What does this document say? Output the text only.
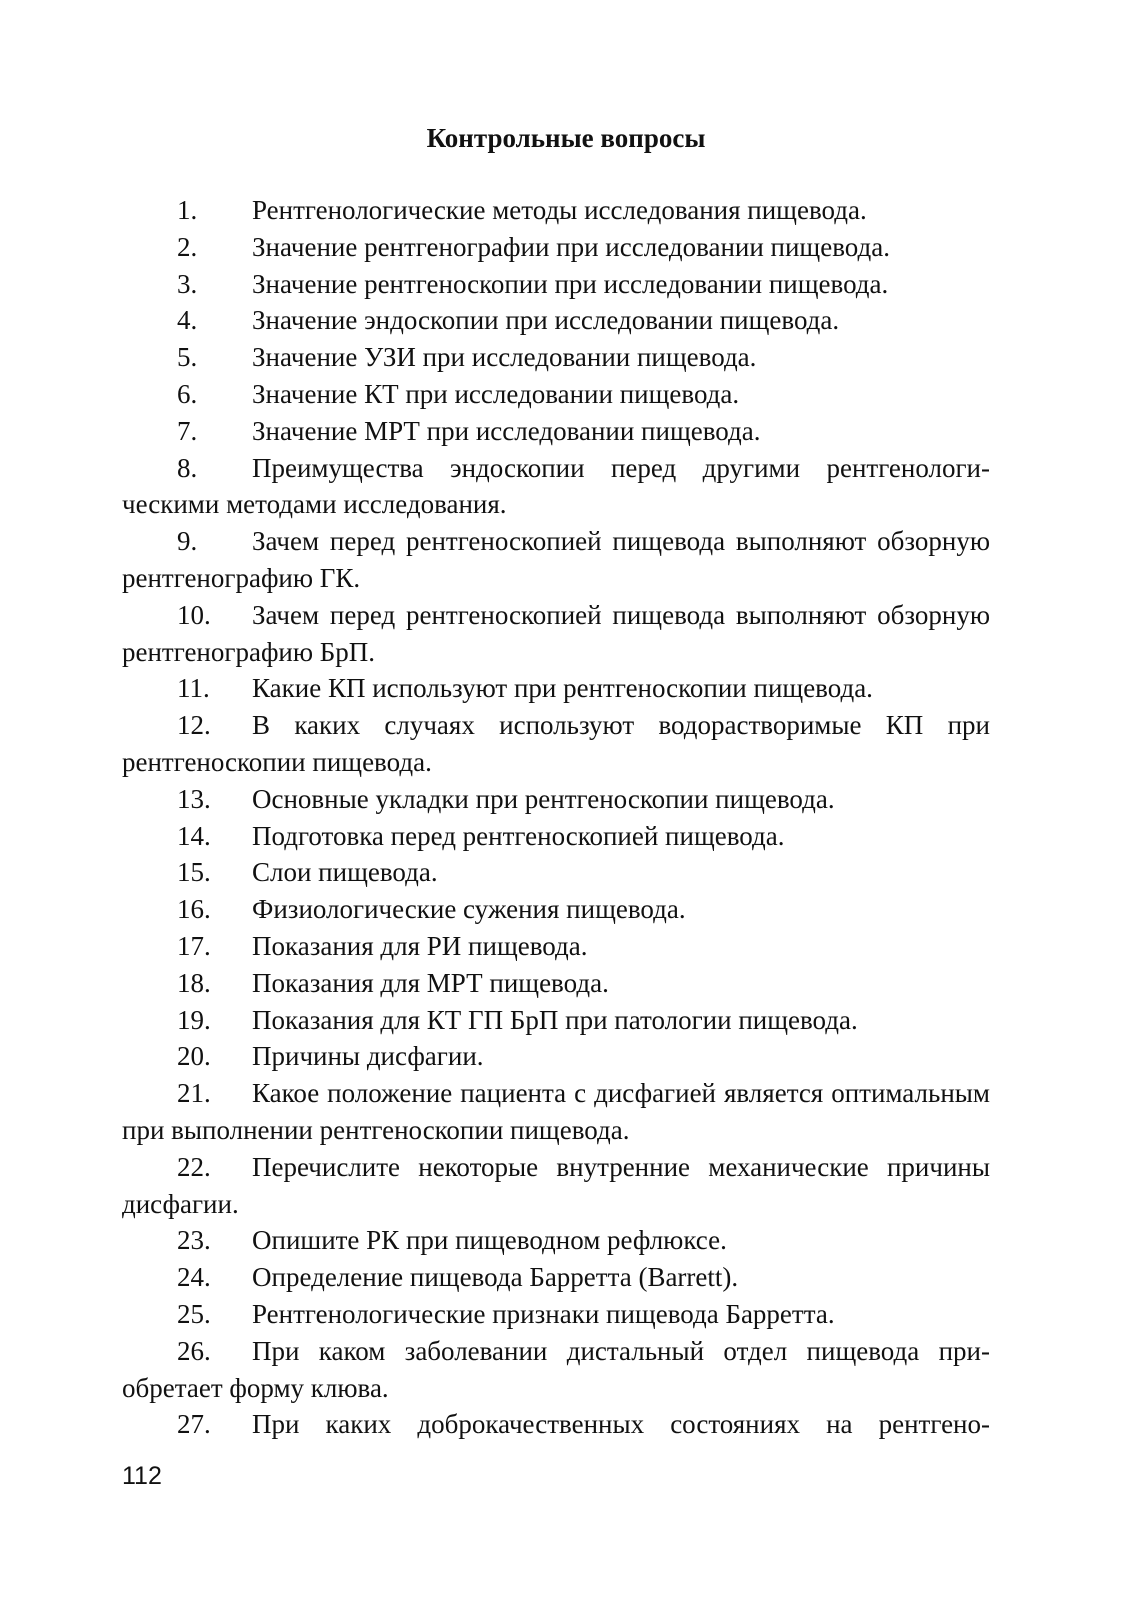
Контрольные вопросы
1. Рентгенологические методы исследования пищевода.
2. Значение рентгенографии при исследовании пищевода.
3. Значение рентгеноскопии при исследовании пищевода.
4. Значение эндоскопии при исследовании пищевода.
5. Значение УЗИ при исследовании пищевода.
6. Значение КТ при исследовании пищевода.
7. Значение МРТ при исследовании пищевода.
8. Преимущества эндоскопии перед другими рентгенологическими методами исследования.
9. Зачем перед рентгеноскопией пищевода выполняют обзорную рентгенографию ГК.
10. Зачем перед рентгеноскопией пищевода выполняют обзорную рентгенографию БрП.
11. Какие КП используют при рентгеноскопии пищевода.
12. В каких случаях используют водорастворимые КП при рентгеноскопии пищевода.
13. Основные укладки при рентгеноскопии пищевода.
14. Подготовка перед рентгеноскопией пищевода.
15. Слои пищевода.
16. Физиологические сужения пищевода.
17. Показания для РИ пищевода.
18. Показания для МРТ пищевода.
19. Показания для КТ ГП БрП при патологии пищевода.
20. Причины дисфагии.
21. Какое положение пациента с дисфагией является оптимальным при выполнении рентгеноскопии пищевода.
22. Перечислите некоторые внутренние механические причины дисфагии.
23. Опишите РК при пищеводном рефлюксе.
24. Определение пищевода Барретта (Barrett).
25. Рентгенологические признаки пищевода Барретта.
26. При каком заболевании дистальный отдел пищевода приобретает форму клюва.
27. При каких доброкачественных состояниях на рентгено-
112
